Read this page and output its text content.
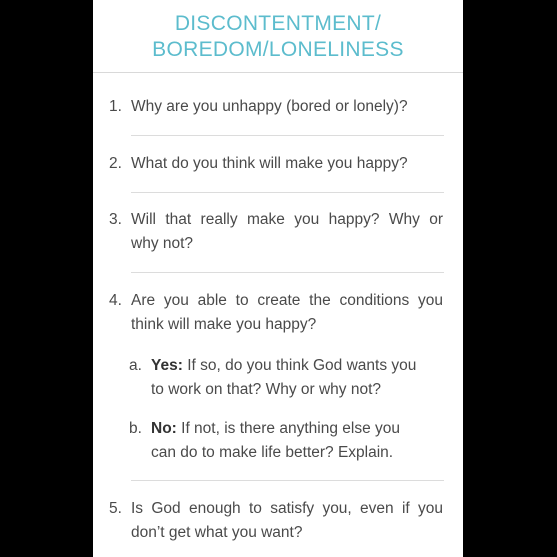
DISCONTENTMENT/
BOREDOM/LONELINESS
1. Why are you unhappy (bored or lonely)?
2. What do you think will make you happy?
3. Will that really make you happy? Why or
why not?
4. Are you able to create the conditions you
think will make you happy?
a. Yes: If so, do you think God wants you
to work on that? Why or why not?
b. No: If not, is there anything else you
can do to make life better? Explain.
5. Is God enough to satisfy you, even if you
don’t get what you want?
